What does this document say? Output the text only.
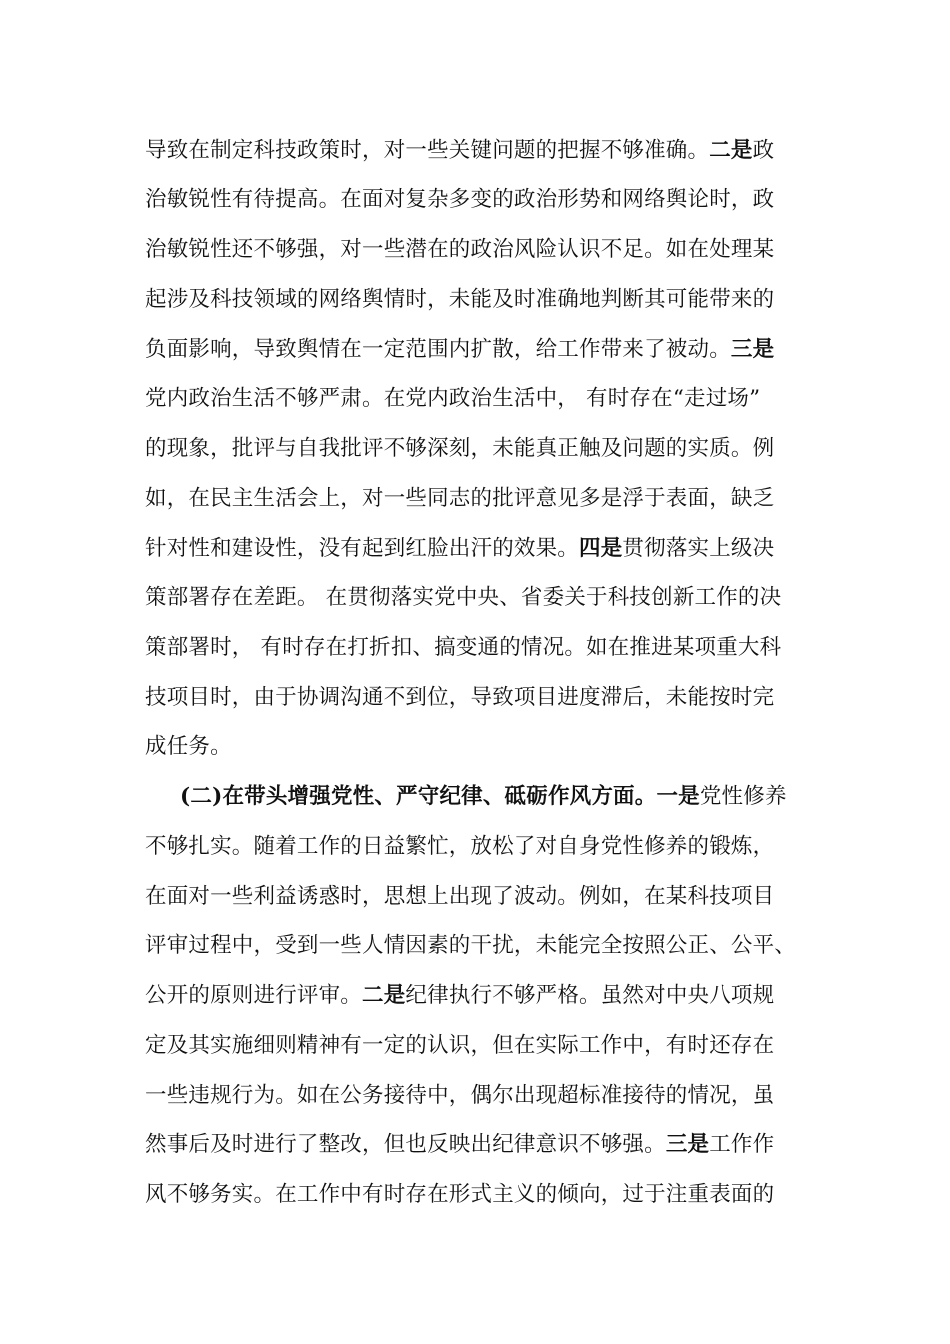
导致在制定科技政策时，对一些关键问题的把握不够准确。二是政
治敏锐性有待提高。在面对复杂多变的政治形势和网络舆论时，政
治敏锐性还不够强，对一些潜在的政治风险认识不足。如在处理某
起涉及科技领域的网络舆情时，未能及时准确地判断其可能带来的
负面影响，导致舆情在一定范围内扩散，给工作带来了被动。三是
党内政治生活不够严肃。在党内政治生活中， 有时存在“走过场”
的现象，批评与自我批评不够深刻，未能真正触及问题的实质。例
如，在民主生活会上，对一些同志的批评意见多是浮于表面，缺乏
针对性和建设性，没有起到红脸出汗的效果。四是贯彻落实上级决
策部署存在差距。 在贯彻落实党中央、省委关于科技创新工作的决
策部署时， 有时存在打折扣、搞变通的情况。如在推进某项重大科
技项目时，由于协调沟通不到位，导致项目进度滞后，未能按时完
成任务。
(二)在带头增强党性、严守纪律、砥砺作风方面。一是党性修养
不够扎实。随着工作的日益繁忙，放松了对自身党性修养的锻炼，
在面对一些利益诱惑时，思想上出现了波动。例如，在某科技项目
评审过程中，受到一些人情因素的干扰，未能完全按照公正、公平、
公开的原则进行评审。二是纪律执行不够严格。虽然对中央八项规
定及其实施细则精神有一定的认识，但在实际工作中，有时还存在
一些违规行为。如在公务接待中，偶尔出现超标准接待的情况，虽
然事后及时进行了整改，但也反映出纪律意识不够强。三是工作作
风不够务实。在工作中有时存在形式主义的倾向，过于注重表面的
